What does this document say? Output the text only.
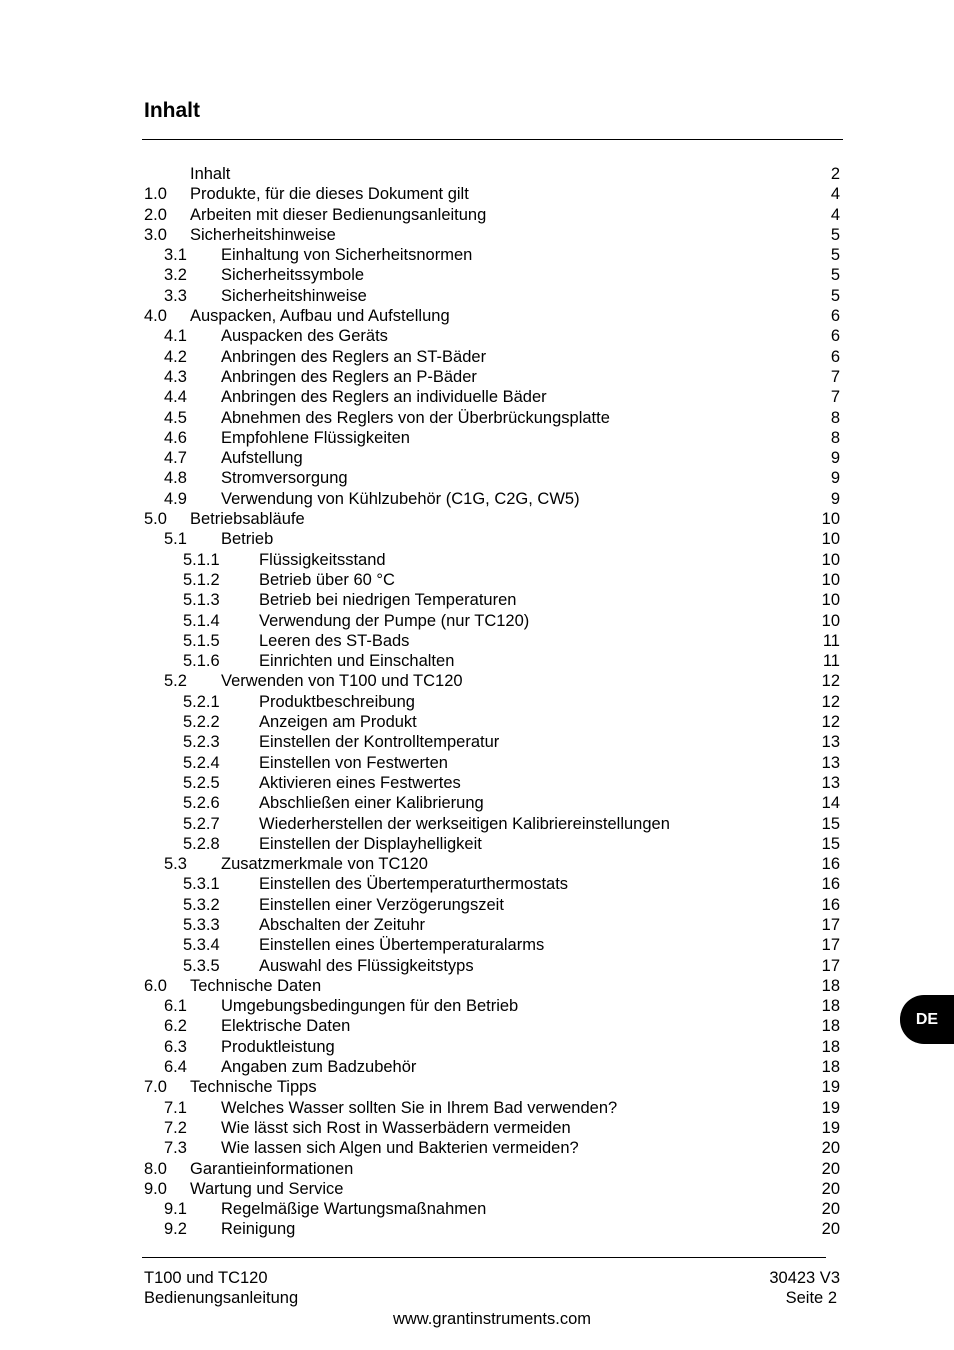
Inhalt
Inhalt	2
1.0 Produkte, für die dieses Dokument gilt	4
2.0 Arbeiten mit dieser Bedienungsanleitung	4
3.0 Sicherheitshinweise	5
3.1 Einhaltung von Sicherheitsnormen	5
3.2 Sicherheitssymbole	5
3.3 Sicherheitshinweise	5
4.0 Auspacken, Aufbau und Aufstellung	6
4.1 Auspacken des Geräts	6
4.2 Anbringen des Reglers an ST-Bäder	6
4.3 Anbringen des Reglers an P-Bäder	7
4.4 Anbringen des Reglers an individuelle Bäder	7
4.5 Abnehmen des Reglers von der Überbrückungsplatte	8
4.6 Empfohlene Flüssigkeiten	8
4.7 Aufstellung	9
4.8 Stromversorgung	9
4.9 Verwendung von Kühlzubehör (C1G, C2G, CW5)	9
5.0 Betriebsabläufe	10
5.1 Betrieb	10
5.1.1 Flüssigkeitsstand	10
5.1.2 Betrieb über 60 °C	10
5.1.3 Betrieb bei niedrigen Temperaturen	10
5.1.4 Verwendung der Pumpe (nur TC120)	10
5.1.5 Leeren des ST-Bads	11
5.1.6 Einrichten und Einschalten	11
5.2 Verwenden von T100 und TC120	12
5.2.1 Produktbeschreibung	12
5.2.2 Anzeigen am Produkt	12
5.2.3 Einstellen der Kontrolltemperatur	13
5.2.4 Einstellen von Festwerten	13
5.2.5 Aktivieren eines Festwertes	13
5.2.6 Abschließen einer Kalibrierung	14
5.2.7 Wiederherstellen der werkseitigen Kalibriereinstellungen	15
5.2.8 Einstellen der Displayhelligkeit	15
5.3 Zusatzmerkmale von TC120	16
5.3.1 Einstellen des Übertemperaturthermostats	16
5.3.2 Einstellen einer Verzögerungszeit	16
5.3.3 Abschalten der Zeituhr	17
5.3.4 Einstellen eines Übertemperaturalarms	17
5.3.5 Auswahl des Flüssigkeitstyps	17
6.0 Technische Daten	18
6.1 Umgebungsbedingungen für den Betrieb	18
6.2 Elektrische Daten	18
6.3 Produktleistung	18
6.4 Angaben zum Badzubehör	18
7.0 Technische Tipps	19
7.1 Welches Wasser sollten Sie in Ihrem Bad verwenden?	19
7.2 Wie lässt sich Rost in Wasserbädern vermeiden	19
7.3 Wie lassen sich Algen und Bakterien vermeiden?	20
8.0 Garantieinformationen	20
9.0 Wartung und Service	20
9.1 Regelmäßige Wartungsmaßnahmen	20
9.2 Reinigung	20
T100 und TC120
Bedienungsanleitung
30423 V3
Seite 2
www.grantinstruments.com
DE
